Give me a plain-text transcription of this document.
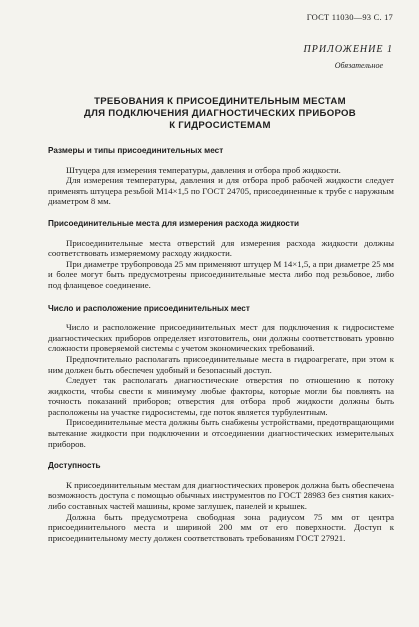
ГОСТ 11030—93 С. 17
ПРИЛОЖЕНИЕ 1
Обязательное
ТРЕБОВАНИЯ К ПРИСОЕДИНИТЕЛЬНЫМ МЕСТАМ
ДЛЯ ПОДКЛЮЧЕНИЯ ДИАГНОСТИЧЕСКИХ ПРИБОРОВ
К ГИДРОСИСТЕМАМ
Размеры и типы присоединительных мест

Штуцера для измерения температуры, давления и отбора проб жидкости.

Для измерения температуры, давления и для отбора проб рабочей жидкости следует применять штуцера резьбой М14×1,5 по ГОСТ 24705, присоединенные к трубе с наружным диаметром 8 мм.

Присоединительные места для измерения расхода жидкости

Присоединительные места отверстий для измерения расхода жидкости должны соответствовать измеряемому расходу жидкости.

При диаметре трубопровода 25 мм применяют штуцер М 14×1,5, а при диаметре 25 мм и более могут быть предусмотрены присоединительные места либо под резьбовое, либо под фланцевое соединение.

Число и расположение присоединительных мест

Число и расположение присоединительных мест для подключения к гидросистеме диагностических приборов определяет изготовитель, они должны соответствовать уровню сложности проверяемой системы с учетом экономических требований.

Предпочтительно располагать присоединительные места в гидроагрегате, при этом к ним должен быть обеспечен удобный и безопасный доступ.

Следует так располагать диагностические отверстия по отношению к потоку жидкости, чтобы свести к минимуму любые факторы, которые могли бы повлиять на точность показаний приборов; отверстия для отбора проб жидкости должны быть расположены на участке гидросистемы, где поток является турбулентным.

Присоединительные места должны быть снабжены устройствами, предотвращающими вытекание жидкости при подключении и отсоединении диагностических измерительных приборов.

Доступность

К присоединительным местам для диагностических проверок должна быть обеспечена возможность доступа с помощью обычных инструментов по ГОСТ 28983 без снятия каких-либо составных частей машины, кроме заглушек, панелей и крышек.

Должна быть предусмотрена свободная зона радиусом 75 мм от центра присоединительного места и шириной 200 мм от его поверхности. Доступ к присоединительному месту должен соответствовать требованиям ГОСТ 27921.
